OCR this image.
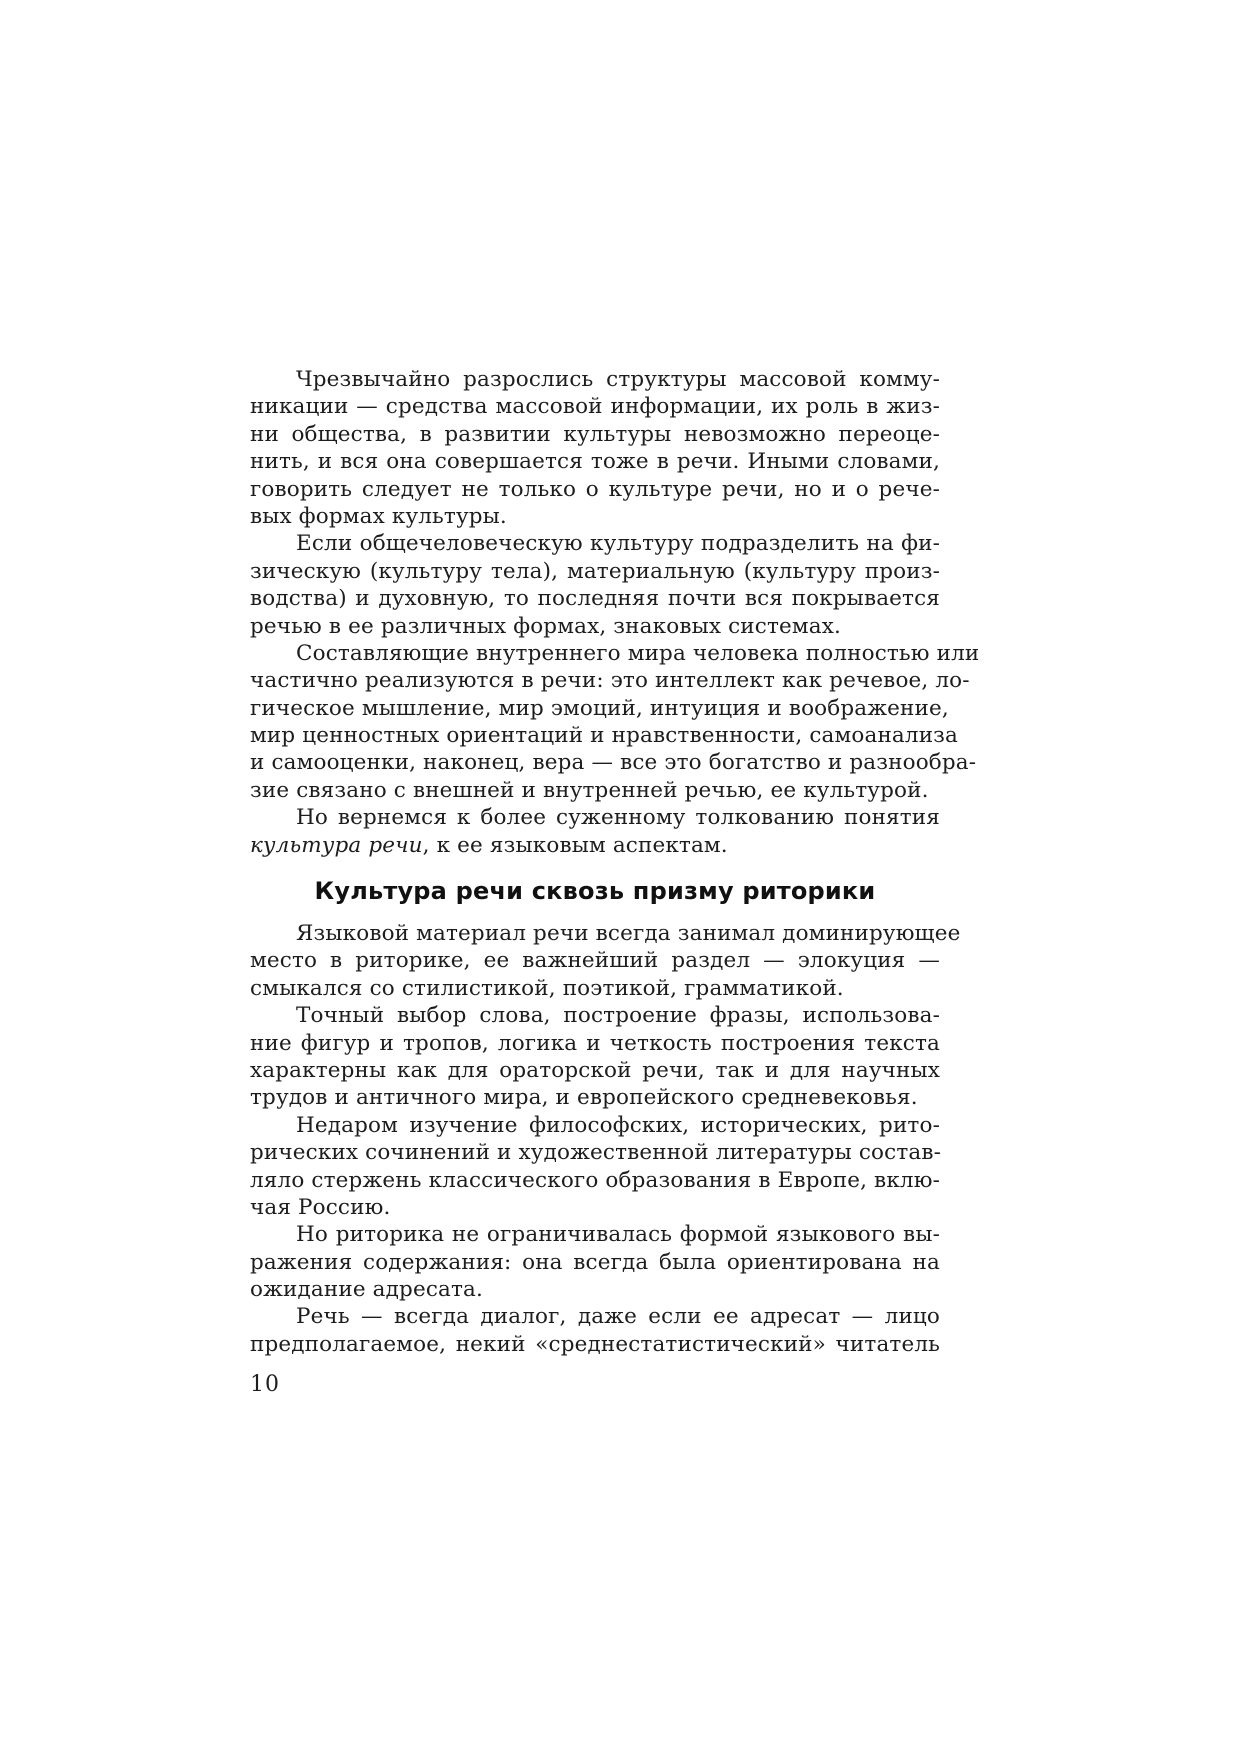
Чрезвычайно разрослись структуры массовой комму-
никации — средства массовой информации, их роль в жиз-
ни общества, в развитии культуры невозможно переоце-
нить, и вся она совершается тоже в речи. Иными словами,
говорить следует не только о культуре речи, но и о рече-
вых формах культуры.
Если общечеловеческую культуру подразделить на фи-
зическую (культуру тела), материальную (культуру произ-
водства) и духовную, то последняя почти вся покрывается
речью в ее различных формах, знаковых системах.
Составляющие внутреннего мира человека полностью или
частично реализуются в речи: это интеллект как речевое, ло-
гическое мышление, мир эмоций, интуиция и воображение,
мир ценностных ориентаций и нравственности, самоанализа
и самооценки, наконец, вера — все это богатство и разнообра-
зие связано с внешней и внутренней речью, ее культурой.
Но вернемся к более суженному толкованию понятия
культура речи, к ее языковым аспектам.
Культура речи сквозь призму риторики
Языковой материал речи всегда занимал доминирующее
место в риторике, ее важнейший раздел — элокуция —
смыкался со стилистикой, поэтикой, грамматикой.
Точный выбор слова, построение фразы, использова-
ние фигур и тропов, логика и четкость построения текста
характерны как для ораторской речи, так и для научных
трудов и античного мира, и европейского средневековья.
Недаром изучение философских, исторических, рито-
рических сочинений и художественной литературы состав-
ляло стержень классического образования в Европе, вклю-
чая Россию.
Но риторика не ограничивалась формой языкового вы-
ражения содержания: она всегда была ориентирована на
ожидание адресата.
Речь — всегда диалог, даже если ее адресат — лицо
предполагаемое, некий «среднестатистический» читатель
10
